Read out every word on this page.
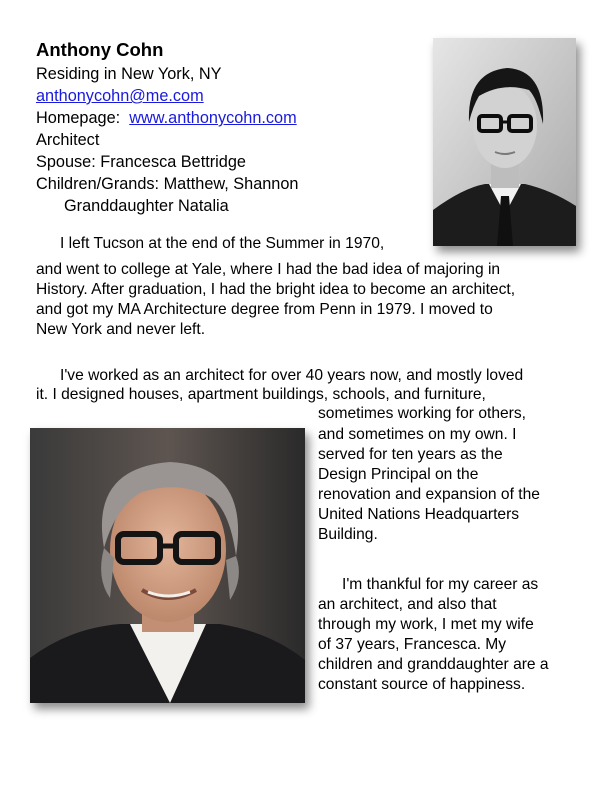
Anthony Cohn
Residing in New York, NY
anthonycohn@me.com
Homepage: www.anthonycohn.com
Architect
Spouse: Francesca Bettridge
Children/Grands: Matthew, Shannon
Granddaughter Natalia
I left Tucson at the end of the Summer in 1970,
and went to college at Yale, where I had the bad idea of majoring in
History. After graduation, I had the bright idea to become an architect,
and got my MA Architecture degree from Penn in 1979. I moved to
New York and never left.
I've worked as an architect for over 40 years now, and mostly loved
it. I designed houses, apartment buildings, schools, and furniture,
sometimes working for others,
and sometimes on my own. I
served for ten years as the
Design Principal on the
renovation and expansion of the
United Nations Headquarters
Building.
I'm thankful for my career as
an architect, and also that
through my work, I met my wife
of 37 years, Francesca. My
children and granddaughter are a
constant source of happiness.
